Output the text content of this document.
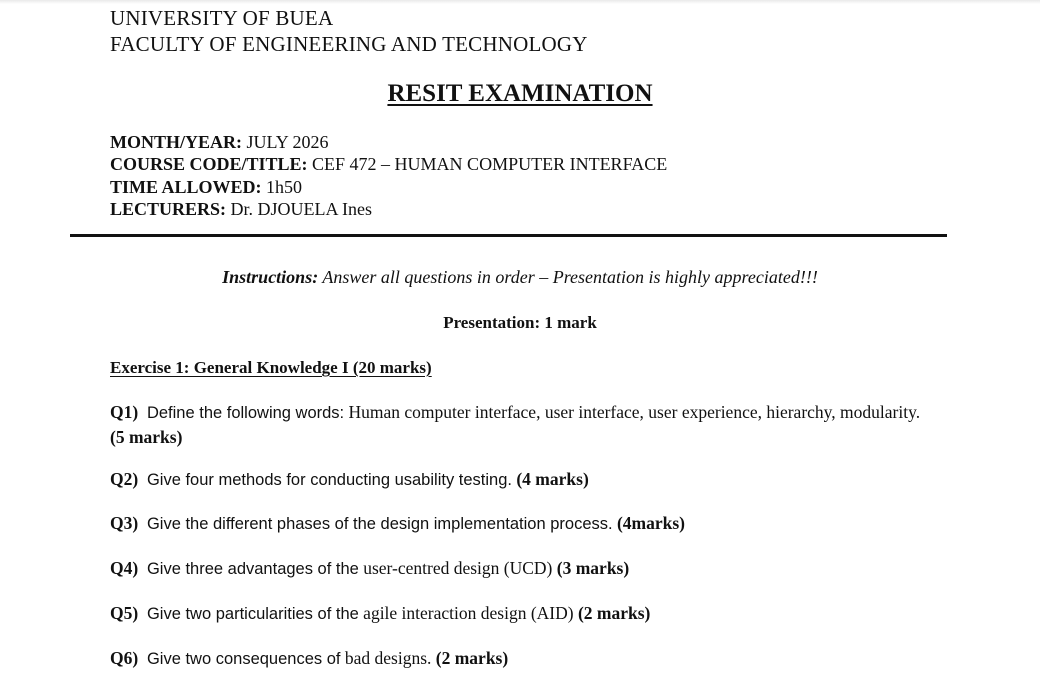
UNIVERSITY OF BUEA
FACULTY OF ENGINEERING AND TECHNOLOGY
RESIT EXAMINATION
MONTH/YEAR: JULY 2026
COURSE CODE/TITLE: CEF 472 – HUMAN COMPUTER INTERFACE
TIME ALLOWED: 1h50
LECTURERS: Dr. DJOUELA Ines
Instructions: Answer all questions in order – Presentation is highly appreciated!!!
Presentation: 1 mark
Exercise 1: General Knowledge I (20 marks)
Q1) Define the following words: Human computer interface, user interface, user experience, hierarchy, modularity. (5 marks)
Q2) Give four methods for conducting usability testing. (4 marks)
Q3) Give the different phases of the design implementation process. (4marks)
Q4) Give three advantages of the user-centred design (UCD) (3 marks)
Q5) Give two particularities of the agile interaction design (AID) (2 marks)
Q6) Give two consequences of bad designs. (2 marks)
